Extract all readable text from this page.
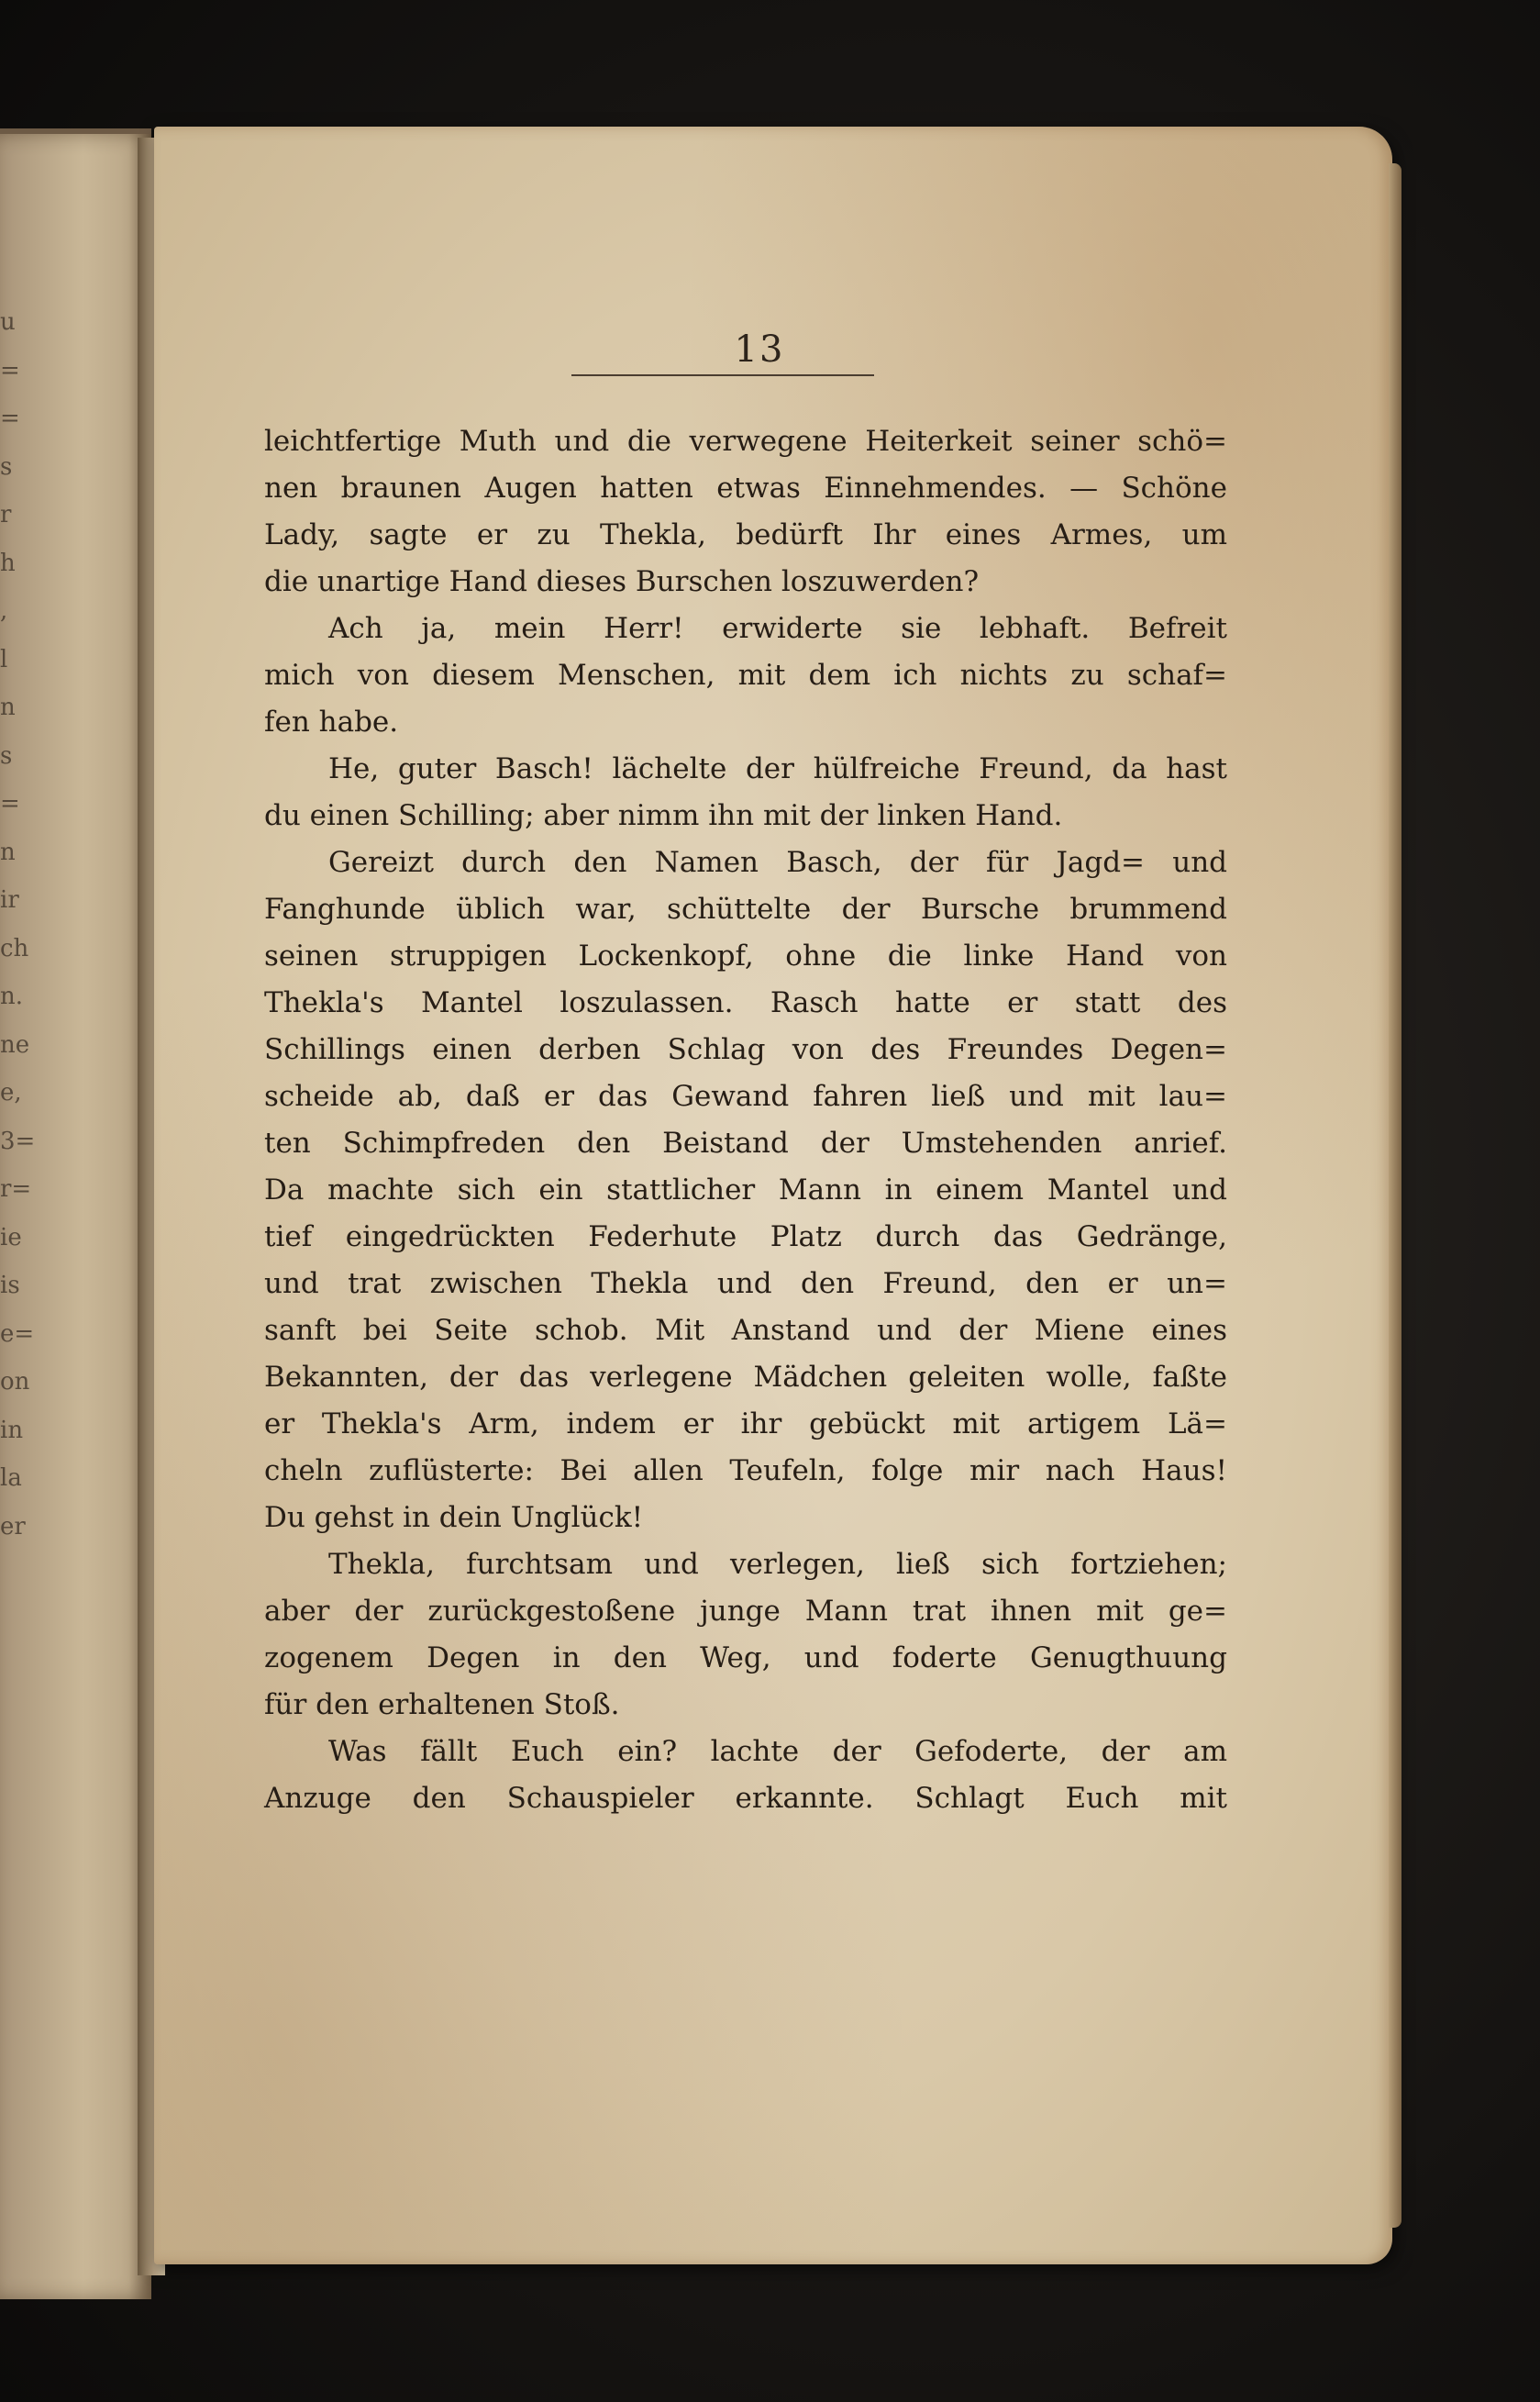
u
=
=
s
r
h
,
l
n
s
=
n
ir
ch
n.
ne
e,
3=
r=
ie
is
e=
on
in
la
er
13
leichtfertige Muth und die verwegene Heiterkeit seiner schö=
nen braunen Augen hatten etwas Einnehmendes. — Schöne
Lady, sagte er zu Thekla, bedürft Ihr eines Armes, um
die unartige Hand dieses Burschen loszuwerden?
Ach ja, mein Herr! erwiderte sie lebhaft. Befreit
mich von diesem Menschen, mit dem ich nichts zu schaf=
fen habe.
He, guter Basch! lächelte der hülfreiche Freund, da hast
du einen Schilling; aber nimm ihn mit der linken Hand.
Gereizt durch den Namen Basch, der für Jagd= und
Fanghunde üblich war, schüttelte der Bursche brummend
seinen struppigen Lockenkopf, ohne die linke Hand von
Thekla's Mantel loszulassen. Rasch hatte er statt des
Schillings einen derben Schlag von des Freundes Degen=
scheide ab, daß er das Gewand fahren ließ und mit lau=
ten Schimpfreden den Beistand der Umstehenden anrief.
Da machte sich ein stattlicher Mann in einem Mantel und
tief eingedrückten Federhute Platz durch das Gedränge,
und trat zwischen Thekla und den Freund, den er un=
sanft bei Seite schob. Mit Anstand und der Miene eines
Bekannten, der das verlegene Mädchen geleiten wolle, faßte
er Thekla's Arm, indem er ihr gebückt mit artigem Lä=
cheln zuflüsterte: Bei allen Teufeln, folge mir nach Haus!
Du gehst in dein Unglück!
Thekla, furchtsam und verlegen, ließ sich fortziehen;
aber der zurückgestoßene junge Mann trat ihnen mit ge=
zogenem Degen in den Weg, und foderte Genugthuung
für den erhaltenen Stoß.
Was fällt Euch ein? lachte der Gefoderte, der am
Anzuge den Schauspieler erkannte. Schlagt Euch mit
